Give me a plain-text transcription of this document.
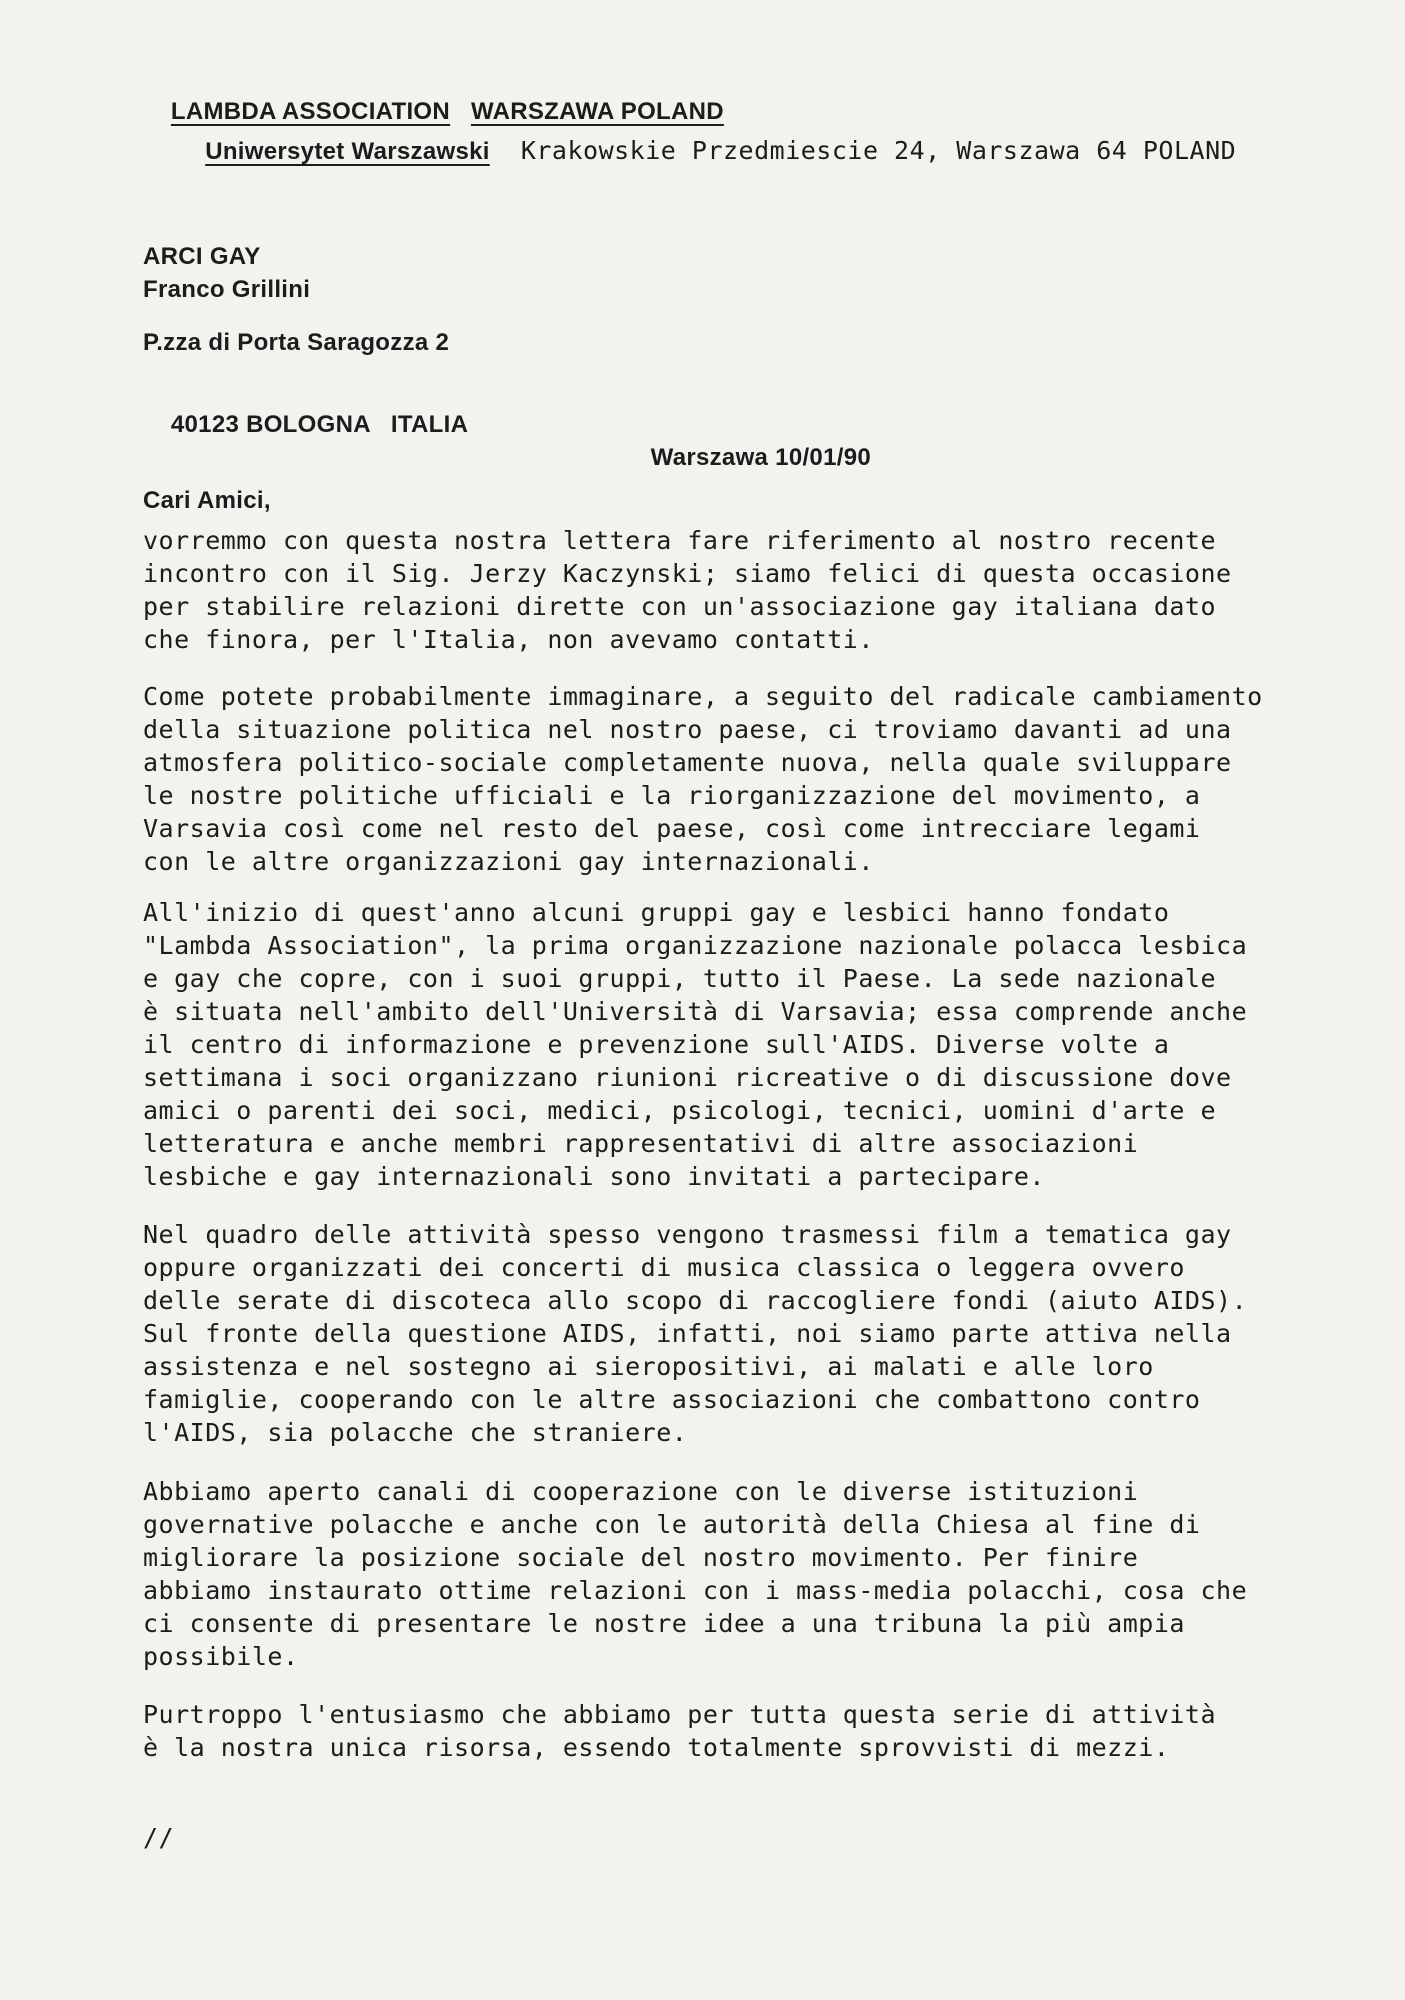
LAMBDA ASSOCIATION WARSZAWA POLAND

Uniwersytet Warszawski Krakowskie Przedmiescie 24, Warszawa 64 POLAND

ARCI GAY
Franco Grillini
P.zza di Porta Saragozza 2

40123 BOLOGNA ITALIA

Warszawa 10/01/90

Cari Amici,
vorremmo con questa nostra lettera fare riferimento al nostro recente
incontro con il Sig. Jerzy Kaczynski; siamo felici di questa occasione
per stabilire relazioni dirette con un'associazione gay italiana dato
che finora, per l'Italia, non avevamo contatti.
Come potete probabilmente immaginare, a seguito del radicale cambiamento
della situazione politica nel nostro paese, ci troviamo davanti ad una
atmosfera politico-sociale completamente nuova, nella quale sviluppare
le nostre politiche ufficiali e la riorganizzazione del movimento, a
Varsavia così come nel resto del paese, così come intrecciare legami
con le altre organizzazioni gay internazionali.
All'inizio di quest'anno alcuni gruppi gay e lesbici hanno fondato
"Lambda Association", la prima organizzazione nazionale polacca lesbica
e gay che copre, con i suoi gruppi, tutto il Paese. La sede nazionale
è situata nell'ambito dell'Università di Varsavia; essa comprende anche
il centro di informazione e prevenzione sull'AIDS. Diverse volte a
settimana i soci organizzano riunioni ricreative o di discussione dove
amici o parenti dei soci, medici, psicologi, tecnici, uomini d'arte e
letteratura e anche membri rappresentativi di altre associazioni
lesbiche e gay internazionali sono invitati a partecipare.
Nel quadro delle attività spesso vengono trasmessi film a tematica gay
oppure organizzati dei concerti di musica classica o leggera ovvero
delle serate di discoteca allo scopo di raccogliere fondi (aiuto AIDS).
Sul fronte della questione AIDS, infatti, noi siamo parte attiva nella
assistenza e nel sostegno ai sieropositivi, ai malati e alle loro
famiglie, cooperando con le altre associazioni che combattono contro
l'AIDS, sia polacche che straniere.
Abbiamo aperto canali di cooperazione con le diverse istituzioni
governative polacche e anche con le autorità della Chiesa al fine di
migliorare la posizione sociale del nostro movimento. Per finire
abbiamo instaurato ottime relazioni con i mass-media polacchi, cosa che
ci consente di presentare le nostre idee a una tribuna la più ampia
possibile.
Purtroppo l'entusiasmo che abbiamo per tutta questa serie di attività
è la nostra unica risorsa, essendo totalmente sprovvisti di mezzi.
//
